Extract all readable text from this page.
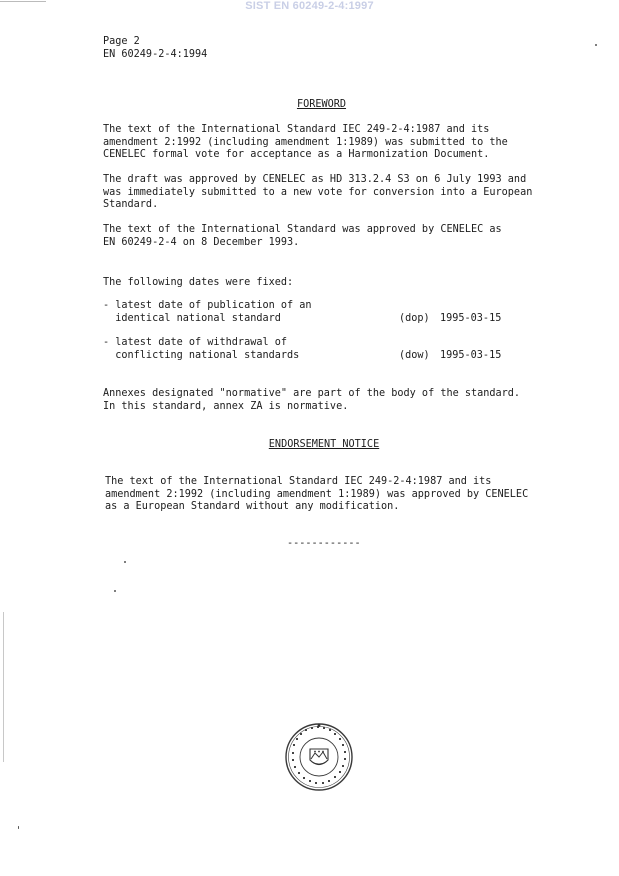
SIST EN 60249-2-4:1997
Page 2
EN 60249-2-4:1994
FOREWORD
The text of the International Standard IEC 249-2-4:1987 and its
amendment 2:1992 (including amendment 1:1989) was submitted to the
CENELEC formal vote for acceptance as a Harmonization Document.
The draft was approved by CENELEC as HD 313.2.4 S3 on 6 July 1993 and
was immediately submitted to a new vote for conversion into a European
Standard.
The text of the International Standard was approved by CENELEC as
EN 60249-2-4 on 8 December 1993.
The following dates were fixed:
- latest date of publication of an
identical national standard	(dop) 1995-03-15
- latest date of withdrawal of
conflicting national standards	(dow) 1995-03-15
Annexes designated "normative" are part of the body of the standard.
In this standard, annex ZA is normative.
ENDORSEMENT NOTICE
The text of the International Standard IEC 249-2-4:1987 and its
amendment 2:1992 (including amendment 1:1989) was approved by CENELEC
as a European Standard without any modification.
------------
